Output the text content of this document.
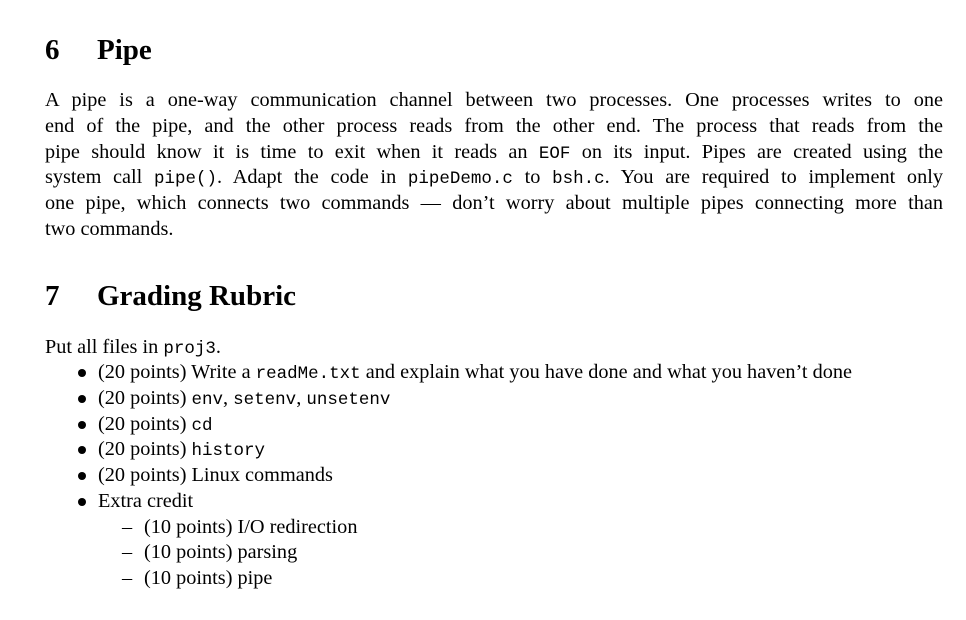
6 Pipe
A pipe is a one-way communication channel between two processes. One processes writes to one
end of the pipe, and the other process reads from the other end. The process that reads from the
pipe should know it is time to exit when it reads an EOF on its input. Pipes are created using the
system call pipe(). Adapt the code in pipeDemo.c to bsh.c. You are required to implement only
one pipe, which connects two commands — don’t worry about multiple pipes connecting more than
two commands.
7 Grading Rubric
Put all files in proj3.
(20 points) Write a readMe.txt and explain what you have done and what you haven’t done
(20 points) env, setenv, unsetenv
(20 points) cd
(20 points) history
(20 points) Linux commands
Extra credit
– (10 points) I/O redirection
– (10 points) parsing
– (10 points) pipe
